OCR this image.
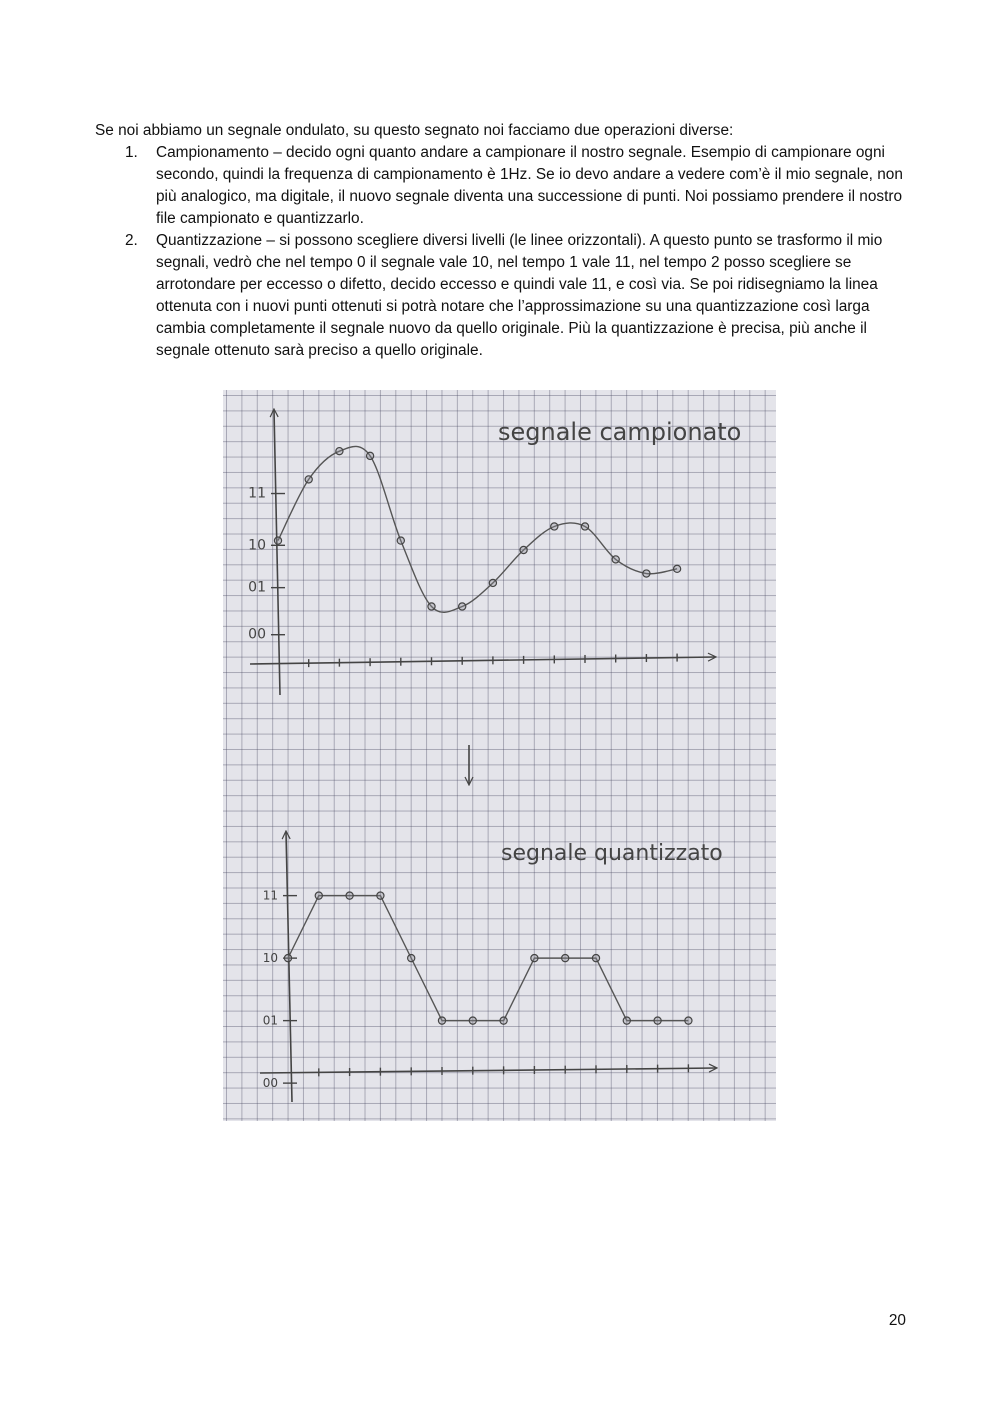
Se noi abbiamo un segnale ondulato, su questo segnato noi facciamo due operazioni diverse:

1. Campionamento – decido ogni quanto andare a campionare il nostro segnale. Esempio di campionare ogni secondo, quindi la frequenza di campionamento è 1Hz. Se io devo andare a vedere com’è il mio segnale, non più analogico, ma digitale, il nuovo segnale diventa una successione di punti. Noi possiamo prendere il nostro file campionato e quantizzarlo.
2. Quantizzazione – si possono scegliere diversi livelli (le linee orizzontali). A questo punto se trasformo il mio segnali, vedrò che nel tempo 0 il segnale vale 10, nel tempo 1 vale 11, nel tempo 2 posso scegliere se arrotondare per eccesso o difetto, decido eccesso e quindi vale 11, e così via. Se poi ridisegniamo la linea ottenuta con i nuovi punti ottenuti si potrà notare che l’approssimazione su una quantizzazione così larga cambia completamente il segnale nuovo da quello originale. Più la quantizzazione è precisa, più anche il segnale ottenuto sarà preciso a quello originale.
segnale campionato
11
10
01
00
segnale quantizzato
11
10
01
00
20
